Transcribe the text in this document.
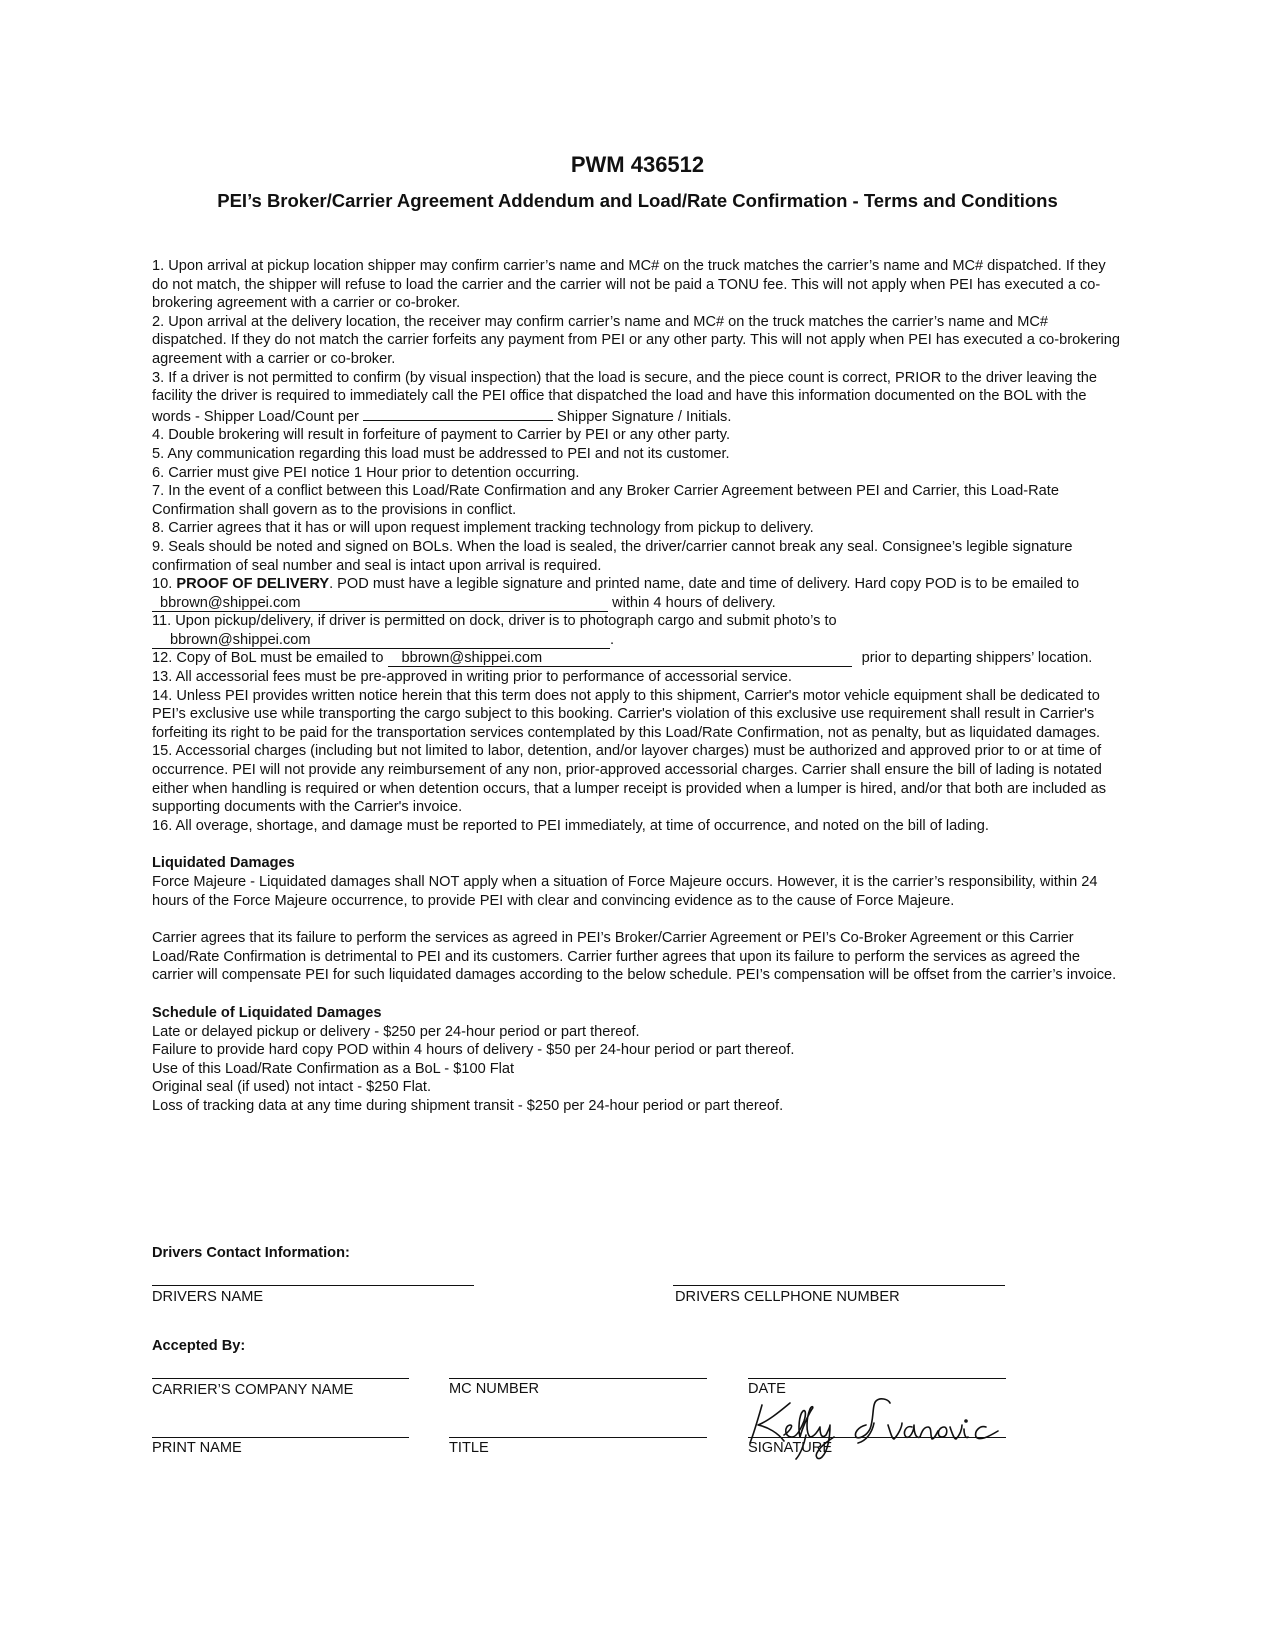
PWM 436512
PEI’s Broker/Carrier Agreement Addendum and Load/Rate Confirmation - Terms and Conditions

1. Upon arrival at pickup location shipper may confirm carrier’s name and MC# on the truck matches the carrier’s name and MC# dispatched. If they do not match, the shipper will refuse to load the carrier and the carrier will not be paid a TONU fee. This will not apply when PEI has executed a co-brokering agreement with a carrier or co-broker.

2. Upon arrival at the delivery location, the receiver may confirm carrier’s name and MC# on the truck matches the carrier’s name and MC# dispatched. If they do not match the carrier forfeits any payment from PEI or any other party. This will not apply when PEI has executed a co-brokering agreement with a carrier or co-broker.

3. If a driver is not permitted to confirm (by visual inspection) that the load is secure, and the piece count is correct, PRIOR to the driver leaving the facility the driver is required to immediately call the PEI office that dispatched the load and have this information documented on the BOL with the words - Shipper Load/Count per	Shipper Signature / Initials.

4. Double brokering will result in forfeiture of payment to Carrier by PEI or any other party.

5. Any communication regarding this load must be addressed to PEI and not its customer.

6. Carrier must give PEI notice 1 Hour prior to detention occurring.

7. In the event of a conflict between this Load/Rate Confirmation and any Broker Carrier Agreement between PEI and Carrier, this Load-Rate Confirmation shall govern as to the provisions in conflict.

8. Carrier agrees that it has or will upon request implement tracking technology from pickup to delivery.

9. Seals should be noted and signed on BOLs. When the load is sealed, the driver/carrier cannot break any seal. Consignee’s legible signature confirmation of seal number and seal is intact upon arrival is required.

10. PROOF OF DELIVERY. POD must have a legible signature and printed name, date and time of delivery. Hard copy POD is to be emailed to bbrown@shippei.com	within 4 hours of delivery.

11. Upon pickup/delivery, if driver is permitted on dock, driver is to photograph cargo and submit photo’s to
bbrown@shippei.com	.

12. Copy of BoL must be emailed to bbrown@shippei.com	prior to departing shippers’ location.

13. All accessorial fees must be pre-approved in writing prior to performance of accessorial service.

14. Unless PEI provides written notice herein that this term does not apply to this shipment, Carrier's motor vehicle equipment shall be dedicated to PEI’s exclusive use while transporting the cargo subject to this booking. Carrier's violation of this exclusive use requirement shall result in Carrier's forfeiting its right to be paid for the transportation services contemplated by this Load/Rate Confirmation, not as penalty, but as liquidated damages.

15. Accessorial charges (including but not limited to labor, detention, and/or layover charges) must be authorized and approved prior to or at time of occurrence. PEI will not provide any reimbursement of any non, prior-approved accessorial charges. Carrier shall ensure the bill of lading is notated either when handling is required or when detention occurs, that a lumper receipt is provided when a lumper is hired, and/or that both are included as supporting documents with the Carrier's invoice.

16. All overage, shortage, and damage must be reported to PEI immediately, at time of occurrence, and noted on the bill of lading.

Liquidated Damages

Force Majeure - Liquidated damages shall NOT apply when a situation of Force Majeure occurs. However, it is the carrier’s responsibility, within 24 hours of the Force Majeure occurrence, to provide PEI with clear and convincing evidence as to the cause of Force Majeure.

Carrier agrees that its failure to perform the services as agreed in PEI’s Broker/Carrier Agreement or PEI’s Co-Broker Agreement or this Carrier Load/Rate Confirmation is detrimental to PEI and its customers. Carrier further agrees that upon its failure to perform the services as agreed the carrier will compensate PEI for such liquidated damages according to the below schedule. PEI’s compensation will be offset from the carrier’s invoice.

Schedule of Liquidated Damages

Late or delayed pickup or delivery - $250 per 24-hour period or part thereof.

Failure to provide hard copy POD within 4 hours of delivery - $50 per 24-hour period or part thereof.

Use of this Load/Rate Confirmation as a BoL - $100 Flat

Original seal (if used) not intact - $250 Flat.

Loss of tracking data at any time during shipment transit - $250 per 24-hour period or part thereof.

Drivers Contact Information:
DRIVERS NAME	DRIVERS CELLPHONE NUMBER
Accepted By:
CARRIER’S COMPANY NAME	MC NUMBER	DATE
PRINT NAME	TITLE	SIGNATURE
